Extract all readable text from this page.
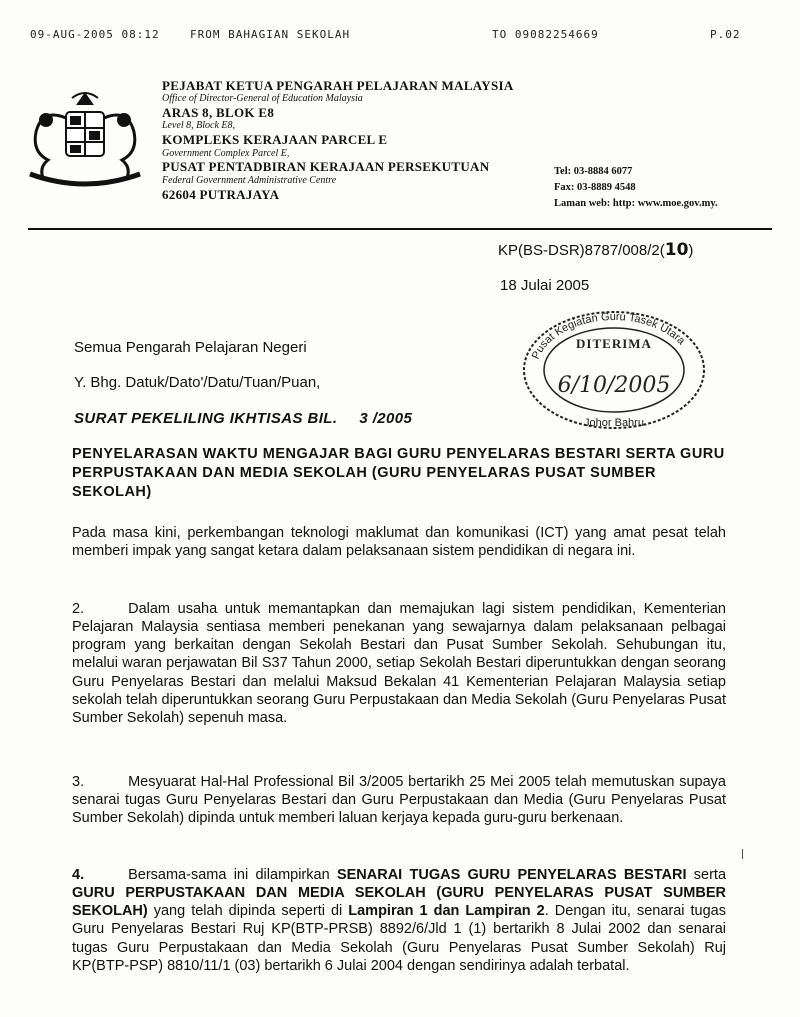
09-AUG-2005 08:12	FROM BAHAGIAN SEKOLAH	TO 09082254669	P.02
PEJABAT KETUA PENGARAH PELAJARAN MALAYSIA
Office of Director-General of Education Malaysia
ARAS 8, BLOK E8
Level 8, Block E8,
KOMPLEKS KERAJAAN PARCEL E
Government Complex Parcel E,
PUSAT PENTADBIRAN KERAJAAN PERSEKUTUAN
Federal Government Administrative Centre
62604 PUTRAJAYA
Tel: 03-8884 6077
Fax: 03-8889 4548
Laman web: http: www.moe.gov.my.
KP(BS-DSR)8787/008/2(10)
18 Julai 2005
Pusat Kegiatan Guru Tasek Utara
DITERIMA
6/10/2005
Johor Bahru
Semua Pengarah Pelajaran Negeri
Y. Bhg. Datuk/Dato'/Datu/Tuan/Puan,
SURAT PEKELILING IKHTISAS BIL. 3 /2005
PENYELARASAN WAKTU MENGAJAR BAGI GURU PENYELARAS BESTARI SERTA GURU PERPUSTAKAAN DAN MEDIA SEKOLAH (GURU PENYELARAS PUSAT SUMBER SEKOLAH)
Pada masa kini, perkembangan teknologi maklumat dan komunikasi (ICT) yang amat pesat telah memberi impak yang sangat ketara dalam pelaksanaan sistem pendidikan di negara ini.
2.	Dalam usaha untuk memantapkan dan memajukan lagi sistem pendidikan, Kementerian Pelajaran Malaysia sentiasa memberi penekanan yang sewajarnya dalam pelaksanaan pelbagai program yang berkaitan dengan Sekolah Bestari dan Pusat Sumber Sekolah. Sehubungan itu, melalui waran perjawatan Bil S37 Tahun 2000, setiap Sekolah Bestari diperuntukkan dengan seorang Guru Penyelaras Bestari dan melalui Maksud Bekalan 41 Kementerian Pelajaran Malaysia setiap sekolah telah diperuntukkan seorang Guru Perpustakaan dan Media Sekolah (Guru Penyelaras Pusat Sumber Sekolah) sepenuh masa.
3.	Mesyuarat Hal-Hal Professional Bil 3/2005 bertarikh 25 Mei 2005 telah memutuskan supaya senarai tugas Guru Penyelaras Bestari dan Guru Perpustakaan dan Media (Guru Penyelaras Pusat Sumber Sekolah) dipinda untuk memberi laluan kerjaya kepada guru-guru berkenaan.
4.	Bersama-sama ini dilampirkan SENARAI TUGAS GURU PENYELARAS BESTARI serta GURU PERPUSTAKAAN DAN MEDIA SEKOLAH (GURU PENYELARAS PUSAT SUMBER SEKOLAH) yang telah dipinda seperti di Lampiran 1 dan Lampiran 2. Dengan itu, senarai tugas Guru Penyelaras Bestari Ruj KP(BTP-PRSB) 8892/6/Jld 1 (1) bertarikh 8 Julai 2002 dan senarai tugas Guru Perpustakaan dan Media Sekolah (Guru Penyelaras Pusat Sumber Sekolah) Ruj KP(BTP-PSP) 8810/11/1 (03) bertarikh 6 Julai 2004 dengan sendirinya adalah terbatal.
